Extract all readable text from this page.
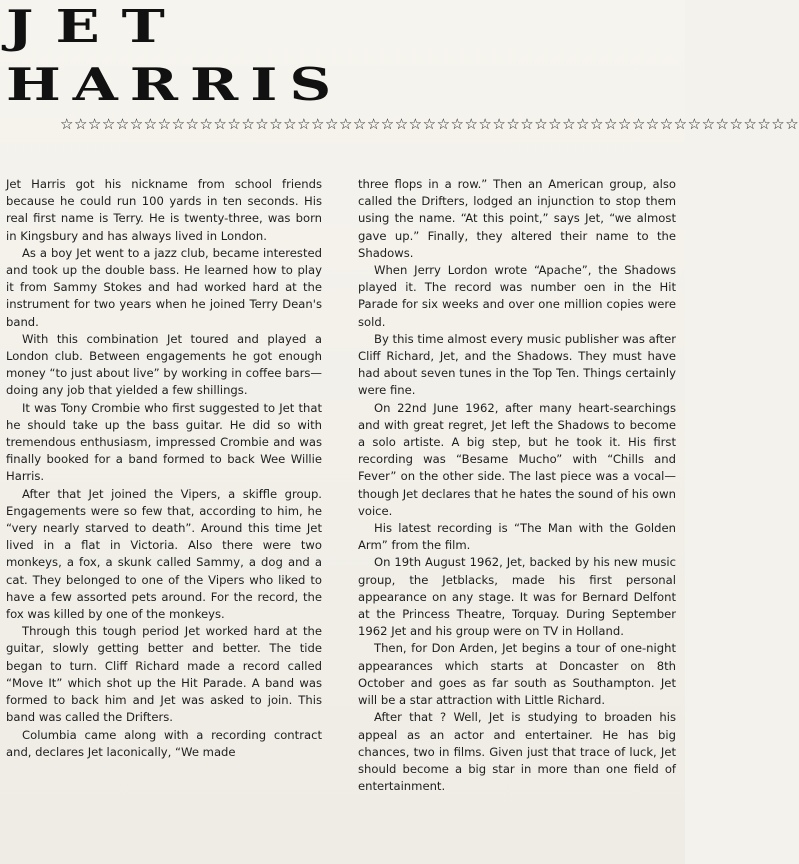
JET
HARRIS
☆☆☆☆☆☆☆☆☆☆☆☆☆☆☆☆☆☆☆☆☆☆☆☆☆☆☆☆☆☆☆☆☆☆☆☆☆☆☆☆☆☆☆☆☆☆☆☆☆☆☆☆☆

Jet Harris got his nickname from school friends because he could run 100 yards in ten seconds. His real first name is Terry. He is twenty-three, was born in Kingsbury and has always lived in London.

As a boy Jet went to a jazz club, became interested and took up the double bass. He learned how to play it from Sammy Stokes and had worked hard at the instrument for two years when he joined Terry Dean's band.

With this combination Jet toured and played a London club. Between engagements he got enough money “to just about live” by working in coffee bars—doing any job that yielded a few shillings.

It was Tony Crombie who first suggested to Jet that he should take up the bass guitar. He did so with tremendous enthusiasm, impressed Crombie and was finally booked for a band formed to back Wee Willie Harris.

After that Jet joined the Vipers, a skiffle group. Engagements were so few that, according to him, he “very nearly starved to death”. Around this time Jet lived in a flat in Victoria. Also there were two monkeys, a fox, a skunk called Sammy, a dog and a cat. They belonged to one of the Vipers who liked to have a few assorted pets around. For the record, the fox was killed by one of the monkeys.

Through this tough period Jet worked hard at the guitar, slowly getting better and better. The tide began to turn. Cliff Richard made a record called “Move It” which shot up the Hit Parade. A band was formed to back him and Jet was asked to join. This band was called the Drifters.

Columbia came along with a recording contract and, declares Jet laconically, “We made

three flops in a row.” Then an American group, also called the Drifters, lodged an injunction to stop them using the name. “At this point,” says Jet, “we almost gave up.” Finally, they altered their name to the Shadows.

When Jerry Lordon wrote “Apache”, the Shadows played it. The record was number oen in the Hit Parade for six weeks and over one million copies were sold.

By this time almost every music publisher was after Cliff Richard, Jet, and the Shadows. They must have had about seven tunes in the Top Ten. Things certainly were fine.

On 22nd June 1962, after many heart-searchings and with great regret, Jet left the Shadows to become a solo artiste. A big step, but he took it. His first recording was “Besame Mucho” with “Chills and Fever” on the other side. The last piece was a vocal—though Jet declares that he hates the sound of his own voice.

His latest recording is “The Man with the Golden Arm” from the film.

On 19th August 1962, Jet, backed by his new music group, the Jetblacks, made his first personal appearance on any stage. It was for Bernard Delfont at the Princess Theatre, Torquay. During September 1962 Jet and his group were on TV in Holland.

Then, for Don Arden, Jet begins a tour of one-night appearances which starts at Doncaster on 8th October and goes as far south as Southampton. Jet will be a star attraction with Little Richard.

After that ? Well, Jet is studying to broaden his appeal as an actor and entertainer. He has big chances, two in films. Given just that trace of luck, Jet should become a big star in more than one field of entertainment.
